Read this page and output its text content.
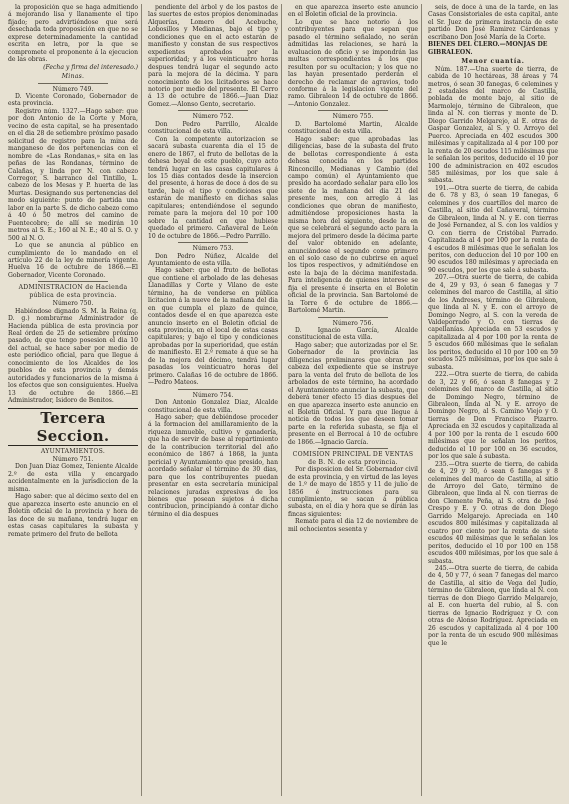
la proposición que se haga admitiendo á mejorando lisa y llanamente el tipo fijado; pero advirtiéndose que será desechada toda proposición en que no se exprese determinadamente la cantidad escrita en letra, por la que se compromete el proponente á la ejecucion de las obras.

(Fecha y firma del interesado.)

Minas.

Número 749.

D. Vicente Coronado, Gobernador de esta provincia.

Registro núm. 1327.—Hago saber: que por don Antonio de la Corte y Mora, vecino de esta capital, se ha presentado en el dia 28 de setiembre próximo pasado solicitud de registro para la mina de manganeso de dos pertenencias con el nombre de «Las Rondanas,» sita en las peñas de las Rondanas, término de Calañas, y linda por N. con cabezo Corregor, S. barranco del Tintillo, L. cabezo de los Mesas y P. huerta de las Murtas. Designando sus pertenencias del modo siguiente: punto de partida una labor en la parte S. de dicho cabezo como á 40 ó 50 metros del camino de Fuentecobre; de allí se medirán 10 metros al S. E.; 160 al N. E.; 40 al S. O. y 500 al N. O.

Lo que se anuncia al público en cumplimiento de lo mandado en el artículo 22 de la ley de minería vigente. Huelva 16 de octubre de 1866.—El Gobernador, Vicente Coronado.

ADMINISTRACION de Hacienda pública de esta provincia.

Número 750.

Habiéndose dignado S. M. la Reina (q. D. g.) nombrarme Administrador de Hacienda pública de esta provincia por Real órden de 25 de setiembre próximo pasado, de que tengo posesion el dia 10 del actual, se hace saber por medio de este periódico oficial, para que llegue á conocimiento de los Alcaldes de los pueblos de esta provincia y demás autoridades y funcionarios de la misma á los efectos que son consiguientes. Huelva 13 de octubre de 1866.—El Administrador, Isidoro de Benitos.

Tercera Seccion.

AYUNTAMIENTOS.

Número 751.

Don Juan Diaz Gomez, Teniente Alcalde 2.º de esta villa y encargado accidentalmente en la jurisdiccion de la misma.

Hago saber: que al décimo sexto del en que aparezca inserto este anuncio en el Boletin oficial de la provincia y hora de las doce de su mañana, tendrá lugar en estas casas capitulares la subasta y remate primero del fruto de bellota

pendiente del árbol y de los pastos de las suertes de estos propios denominadas Alquerías, Lomero del Acebuche, Lobosillos y Medianas, bajo el tipo y condiciones que en el acto estarán de manifiesto y constan de sus respectivos expedientes aprobados por la superioridad; y á los veinticuatro horas despues tendrá lugar el segundo acto para la mejora de la décima. Y para conocimiento de los licitadores se hace notorio por medio del presente. El Cerro á 13 de octubre de 1866.—Juan Diaz Gomez.—Alonso Gento, secretario.

Número 752.

Don Pedro Parrillo, Alcalde constitucional de esta villa.

Con la competente autorizacion se sacará subasta cuarenta dia el 15 de enero de 1867, el fruto de bellotas de la dehesa boyal de este pueblo, cuyo acto tendrá lugar en las casas capitulares á los 15 dias contados desde la insercion del presente, á horas de doce á dos de su tarde, bajo el tipo y condiciones que estarán de manifiesto en dichas salas capitulares; entendiéndose el segundo remate para la mejora del 10 por 100 sobre la cantidad en que hubiese quedado el primero. Cañaveral de León 10 de octubre de 1866.—Pedro Parrillo.

Número 753.

Don Pedro Núñez, Alcalde del Ayuntamiento de esta villa.

Hago saber: que el fruto de bellotas que contiene el arbolado de las dehesas Llanadillas y Corte y Vilano de este término, ha de venderse en pública licitacion á la nueve de la mañana del dia en que cumpla el plazo de quince, contados desde el en que aparezca este anuncio inserto en el Boletin oficial de esta provincia, en el local de estas casas capitulares; y bajo el tipo y condiciones aprobadas por la superioridad, que están de manifiesto. El 2.º remate á que se ha de la mejora del décimo, tendrá lugar pasadas los veinticuatro horas del primero. Calañas 16 de octubre de 1866.—Pedro Mateos.

Número 754.

Don Antonio Gonzalez Diaz, Alcalde constitucional de esta villa.

Hago saber; que debiéndose proceder á la formacion del amillaramiento de la riqueza inmueble, cultivo y ganadería, que ha de servir de base al repartimiento de la contribucion territorial del año económico de 1867 á 1868, la junta pericial y Ayuntamiento que presido, han acordado señalar el término de 30 dias, para que los contribuyentes puedan presentar en esta secretaría municipal relaciones juradas expresivas de los bienes que posean sujetos á dicha contribucion, principiando á contar dicho término el dia despues

en que aparezca inserto este anuncio en el Boletin oficial de la provincia.

Lo que se hace notorio á los contribuyentes para que sepan que pasado el término señalado, no serán admitidas las relaciones, se hará la evaluacion de oficio y se impondrán las multas correspondientes á los que resulten por su ocultacion; y los que no las hayan presentado perderán el derecho de reclamar de agravios, todo conforme á la legislacion vigente del ramo. Gibraleon 14 de octubre de 1866.—Antonio Gonzalez.

Número 755.

D. Bartolomé Martin, Alcalde constitucional de esta villa.

Hago saber: que aprobadas las diligencias, base de la subasta del fruto de bellotas correspondiente á esta dehesa conocida en los partidos Rinconcillo, Medianas y Cambio (del campo común) el Ayuntamiento que presido ha acordado señalar para ello los siete de la mañana del dia 21 del presente mes, con arreglo á las condiciones que obran de manifiesto, admitiéndose proposiciones hasta la misma hora del siguiente, desde la en que se celebrará el segundo acto para la mejora del primero desde la décima parte del valor obtenido en adelante, anunciándose el segundo como primero en el solo caso de no cubrirse en aquel los tipos respectivos, y admitiéndose en este la baja de la décima manifestada. Para inteligencia de quienes interese se fija el presente é inserta en el Boletin oficial de la provincia. San Bartolomé de la Torre 6 de octubre de 1866.—Bartolomé Martin.

Número 756.

D. Ignacio García, Alcalde constitucional de esta villa.

Hago saber; que autorizadas por el Sr. Gobernador de la provincia las diligencias preliminares que obran por cabeza del expediente que se instruye para la venta del fruto de bellota de los arbolados de este término, ha acordado el Ayuntamiento anunciar la subasta, que deberá tener efecto 15 dias despues del en que aparezca inserto este anuncio en el Boletin Oficial. Y para que llegue á noticia de todos los que deseen tomar parte en la referida subasta, se fija el presente en el Berrocal á 10 de octubre de 1866.—Ignacio García.

COMISION PRINCIPAL DE VENTAS de B. N. de esta provincia.

Por disposicion del Sr. Gobernador civil de esta provincia, y en virtud de las leyes de 1.º de mayo de 1855 y 11 de julio de 1856 é instrucciones para su cumplimiento, se sacan á pública subasta, en el dia y hora que se dirán las fincas siguientes:

Remate para el dia 12 de noviembre de mil ochocientos sesenta y

seis, de doce á una de la tarde, en las Casas Consistoriales de esta capital, ante el Sr. Juez de primera instancia de este partido Don José Ramirez Cárdenas y escribano Don José María de la Corte.

BIENES DEL CLERO.—MONJAS DE GIBRALEON.

Menor cuantía.

Núm. 187.—Una suerte de tierra, de cabida de 10 hectáreas, 38 áreas y 74 metros, ó sean 30 fanegas, 6 celemines y 2 estadales del marco de Castilla, poblada de monte bajo, al sitio de Marmolejo, término de Gibraleon, que linda al N. con tierras y monte de D. Diego Garrido Melgarejo, al E. otras de Gaspar Gonzalez, al S. y O. Arroyo del Puerco. Apreciada en 402 escudos 300 milésimas y capitalizada al 4 por 100 por la renta de 20 escudos 115 milésimas que le señalan los peritos, deducido el 10 por 100 de administracion en 402 escudos 585 milésimas, por los que sale á subasta.

191.—Otra suerte de tierra, de cabida de 6. 78 y 83, ó sean 19 fanegas, 6 celemines y dos cuartillos del marco de Castilla, al sitio del Cañaveral, término de Gibraleon, linda al N. y E. con tierras de José Fernandez, al S. con los valdíos y O. con tierra de Cristóbal Parrado. Capitalizada al 4 por 100 por la renta de 4 escudos 8 milésimas que le señalan los peritos, con deduccion del 10 por 100 en 90 escudos 180 milésimas y apreciada en 90 escudos, por los que sale á subasta.

207.—Otra suerte de tierra, de cabida de 4, 29 y 93, ó sean 6 fanegas y 7 celemines del marco de Castilla, al sitio de los Andreses, término de Gibraleon, que linda al N. y E. con el arroyo de Domingo Negro, al S. con la vereda de Valdeporrado y O. con tierras de capellanías. Apreciada en 53 escudos y capitalizada al 4 por 100 por la renta de 5 escudos 660 milésimas que le señalan los peritos, deducido el 10 por 100 en 59 escudos 525 milésimas, por los que sale á subasta.

222.—Otra suerte de tierra, de cabida de 3, 22 y 66, ó sean 8 fanegas y 2 celemines del marco de Castilla, al sitio de Domingo Negro, término de Gibraleon, linda al N. y E. arroyo de Domingo Negro, al S. Camino Viejo y O. tierras de Don Francisco Pizarro. Apreciada en 32 escudos y capitalizada al 4 por 100 por la renta de 1 escudo 600 milésimas que le señalan los peritos, deducido el 10 por 100 en 36 escudos, por los que sale á subasta.

235.—Otra suerte de tierra, de cabida de 4, 29 y 30, ó sean 6 fanegas y 8 celemines del marco de Castilla, al sitio de Arroyo del Gato, término de Gibraleon, que linda al N. con tierras de don Clemente Peña, al S. otra de José Crespo y E. y O. otras de don Diego Garrido Melgarejo. Apreciada en 140 escudos 800 milésimas y capitalizada al cuatro por ciento por la renta de siete escudos 40 milésimas que le señalan los peritos, deducido el 10 por 100 en 158 escudos 400 milésimas, por los que sale á subasta.

245.—Otra suerte de tierra, de cabida de 4, 50 y 77, ó sean 7 fanegas del marco de Castilla, al sitio de Vega del Judío, término de Gibraleon, que linda al N. con tierras de don Diego Garrido Melgarejo, al E. con huerta del rubio, al S. con tierras de Ignacio Rodríguez y O. con otras de Alonso Rodríguez. Apreciada en 26 escudos y capitalizada al 4 por 100 por la renta de un escudo 900 milésimas que le
